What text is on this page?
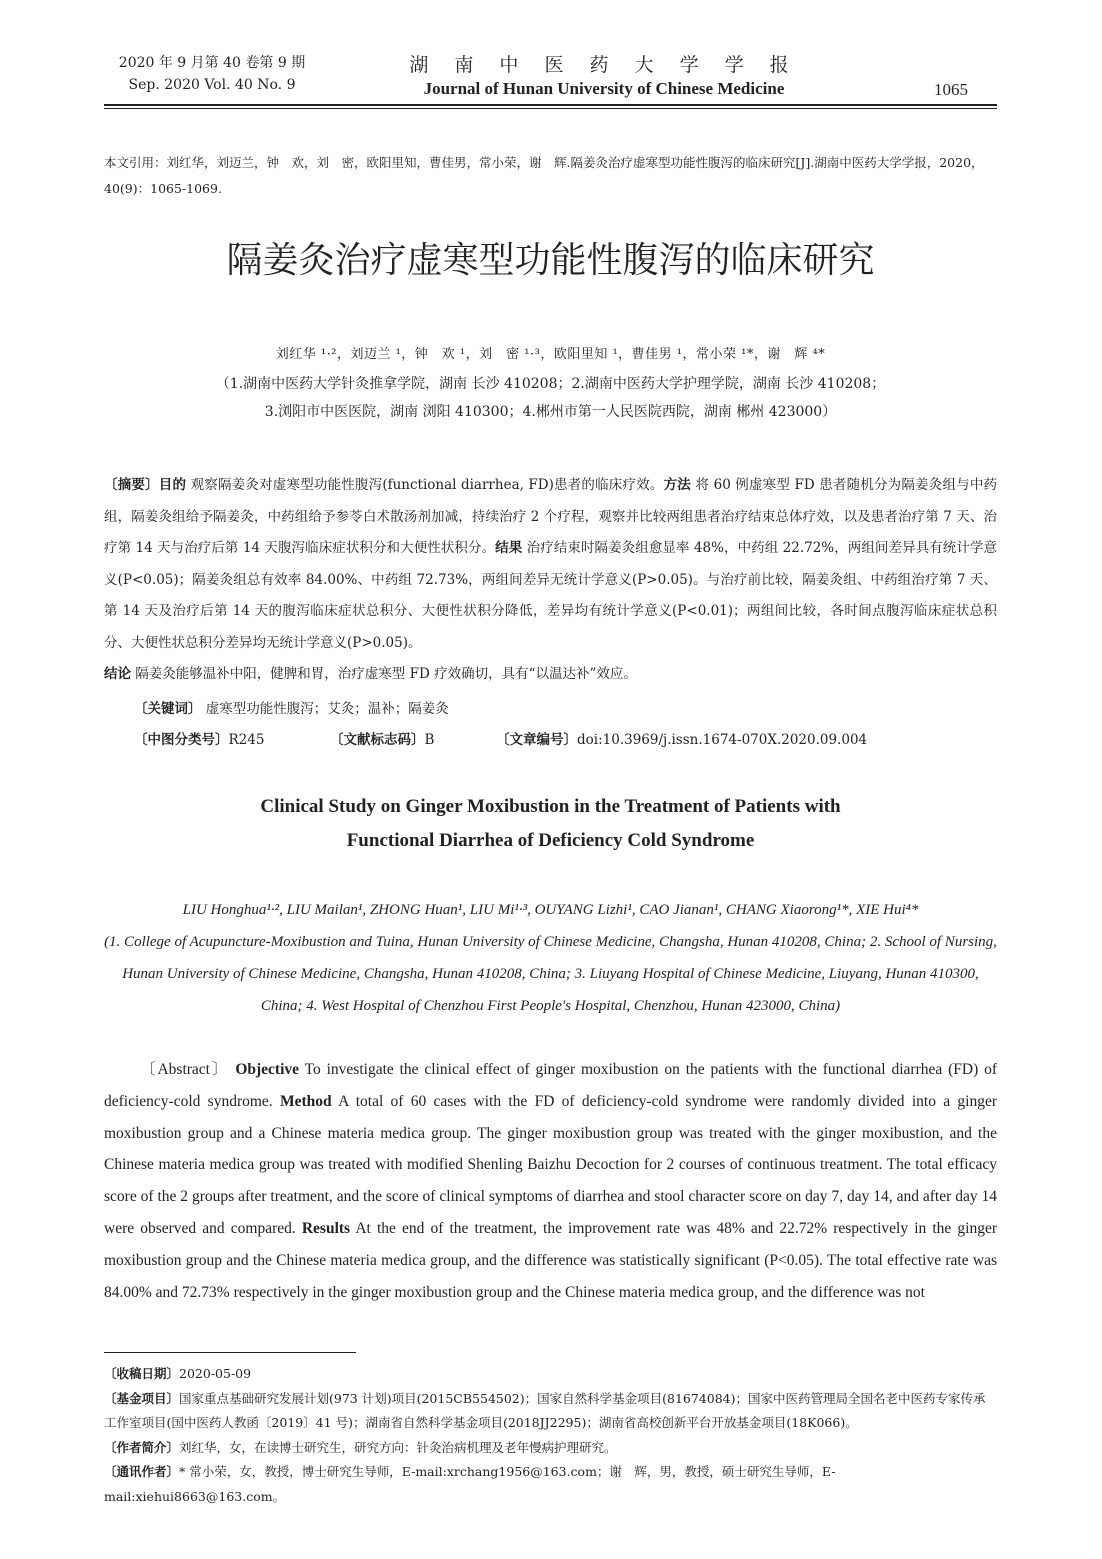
2020 年 9 月第 40 卷第 9 期
Sep. 2020 Vol. 40 No. 9
湖 南 中 医 药 大 学 学 报
Journal of Hunan University of Chinese Medicine	1065
本文引用：刘红华，刘迈兰，钟　欢，刘　密，欧阳里知，曹佳男，常小荣，谢　辉.隔姜灸治疗虚寒型功能性腹泻的临床研究[J].湖南中医药大学学报，2020，40(9)：1065-1069.
隔姜灸治疗虚寒型功能性腹泻的临床研究
刘红华 ¹·²，刘迈兰 ¹，钟　欢 ¹，刘　密 ¹·³，欧阳里知 ¹，曹佳男 ¹，常小荣 ¹*，谢　辉 ⁴*
（1.湖南中医药大学针灸推拿学院，湖南 长沙 410208；2.湖南中医药大学护理学院，湖南 长沙 410208；
3.浏阳市中医医院，湖南 浏阳 410300；4.郴州市第一人民医院西院，湖南 郴州 423000）
〔摘要〕目的 观察隔姜灸对虚寒型功能性腹泻(functional diarrhea, FD)患者的临床疗效。方法 将 60 例虚寒型 FD 患者随机分为隔姜灸组与中药组，隔姜灸组给予隔姜灸，中药组给予参苓白术散汤剂加减，持续治疗 2 个疗程，观察并比较两组患者治疗结束总体疗效，以及患者治疗第 7 天、治疗第 14 天与治疗后第 14 天腹泻临床症状积分和大便性状积分。结果 治疗结束时隔姜灸组愈显率 48%，中药组 22.72%，两组间差异具有统计学意义(P<0.05)；隔姜灸组总有效率 84.00%、中药组 72.73%，两组间差异无统计学意义(P>0.05)。与治疗前比较，隔姜灸组、中药组治疗第 7 天、第 14 天及治疗后第 14 天的腹泻临床症状总积分、大便性状积分降低，差异均有统计学意义(P<0.01)；两组间比较，各时间点腹泻临床症状总积分、大便性状总积分差异均无统计学意义(P>0.05)。
结论 隔姜灸能够温补中阳，健脾和胃，治疗虚寒型 FD 疗效确切，具有“以温达补”效应。
〔关键词〕 虚寒型功能性腹泻；艾灸；温补；隔姜灸
〔中图分类号〕R245	〔文献标志码〕B	〔文章编号〕doi:10.3969/j.issn.1674-070X.2020.09.004
Clinical Study on Ginger Moxibustion in the Treatment of Patients with
Functional Diarrhea of Deficiency Cold Syndrome
LIU Honghua¹·², LIU Mailan¹, ZHONG Huan¹, LIU Mi¹·³, OUYANG Lizhi¹, CAO Jianan¹, CHANG Xiaorong¹*, XIE Hui⁴*
(1. College of Acupuncture-Moxibustion and Tuina, Hunan University of Chinese Medicine, Changsha, Hunan 410208, China; 2. School of Nursing, Hunan University of Chinese Medicine, Changsha, Hunan 410208, China; 3. Liuyang Hospital of Chinese Medicine, Liuyang, Hunan 410300, China; 4. West Hospital of Chenzhou First People's Hospital, Chenzhou, Hunan 423000, China)
〔Abstract〕 Objective To investigate the clinical effect of ginger moxibustion on the patients with the functional diarrhea (FD) of deficiency-cold syndrome. Method A total of 60 cases with the FD of deficiency-cold syndrome were randomly divided into a ginger moxibustion group and a Chinese materia medica group. The ginger moxibustion group was treated with the ginger moxibustion, and the Chinese materia medica group was treated with modified Shenling Baizhu Decoction for 2 courses of continuous treatment. The total efficacy score of the 2 groups after treatment, and the score of clinical symptoms of diarrhea and stool character score on day 7, day 14, and after day 14 were observed and compared. Results At the end of the treatment, the improvement rate was 48% and 22.72% respectively in the ginger moxibustion group and the Chinese materia medica group, and the difference was statistically significant (P<0.05). The total effective rate was 84.00% and 72.73% respectively in the ginger moxibustion group and the Chinese materia medica group, and the difference was not
〔收稿日期〕2020-05-09
〔基金项目〕国家重点基础研究发展计划(973 计划)项目(2015CB554502)；国家自然科学基金项目(81674084)；国家中医药管理局全国名老中医药专家传承工作室项目(国中医药人教函〔2019〕41 号)；湖南省自然科学基金项目(2018JJ2295)；湖南省高校创新平台开放基金项目(18K066)。
〔作者简介〕刘红华，女，在读博士研究生，研究方向：针灸治病机理及老年慢病护理研究。
〔通讯作者〕* 常小荣，女，教授，博士研究生导师，E-mail:xrchang1956@163.com；谢　辉，男，教授，硕士研究生导师，E-mail:xiehui8663@163.com。
